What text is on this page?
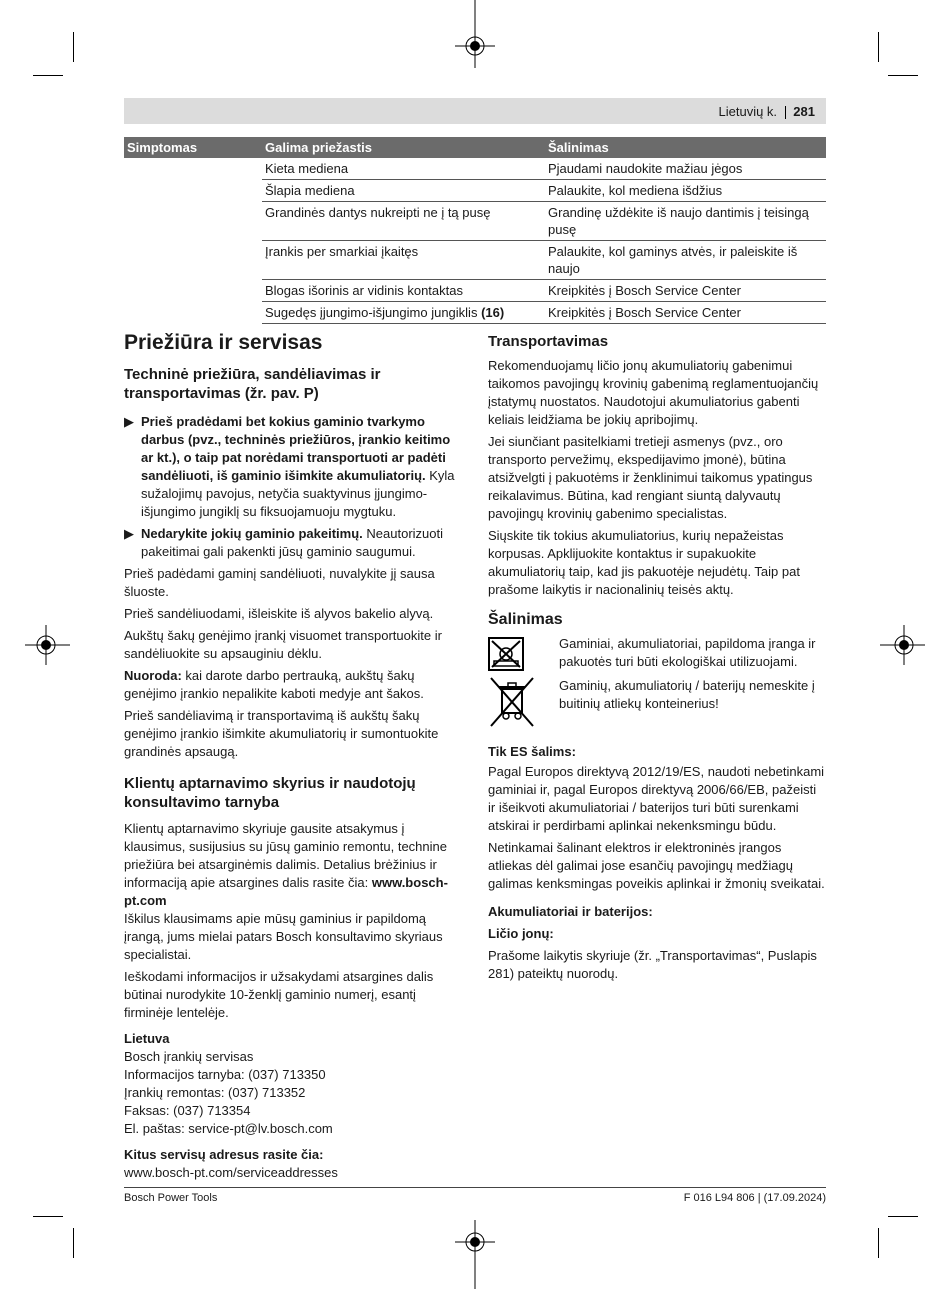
Lietuvių k. 281
Simptomas	Galima priežastis	Šalinimas
	Kieta mediena	Pjaudami naudokite mažiau jėgos
	Šlapia mediena	Palaukite, kol mediena išdžius
	Grandinės dantys nukreipti ne į tą pusę	Grandinę uždėkite iš naujo dantimis į teisingą pusę
	Įrankis per smarkiai įkaitęs	Palaukite, kol gaminys atvės, ir paleiskite iš naujo
	Blogas išorinis ar vidinis kontaktas	Kreipkitės į Bosch Service Center
	Sugedęs įjungimo-išjungimo jungiklis (16)	Kreipkitės į Bosch Service Center
Priežiūra ir servisas
Techninė priežiūra, sandėliavimas ir transportavimas (žr. pav. P)
▶ Prieš pradėdami bet kokius gaminio tvarkymo darbus (pvz., techninės priežiūros, įrankio keitimo ar kt.), o taip pat norėdami transportuoti ar padėti sandėliuoti, iš gaminio išimkite akumuliatorių. Kyla sužalojimų pavojus, netyčia suaktyvinus įjungimo-išjungimo jungiklį su fiksuojamuoju mygtuku.
▶ Nedarykite jokių gaminio pakeitimų. Neautorizuoti pakeitimai gali pakenkti jūsų gaminio saugumui.

Prieš padėdami gaminį sandėliuoti, nuvalykite jį sausa šluoste.

Prieš sandėliuodami, išleiskite iš alyvos bakelio alyvą.

Aukštų šakų genėjimo įrankį visuomet transportuokite ir sandėliuokite su apsauginiu dėklu.

Nuoroda: kai darote darbo pertrauką, aukštų šakų genėjimo įrankio nepalikite kaboti medyje ant šakos.

Prieš sandėliavimą ir transportavimą iš aukštų šakų genėjimo įrankio išimkite akumuliatorių ir sumontuokite grandinės apsaugą.

Klientų aptarnavimo skyrius ir naudotojų konsultavimo tarnyba

Klientų aptarnavimo skyriuje gausite atsakymus į klausimus, susijusius su jūsų gaminio remontu, technine priežiūra bei atsarginėmis dalimis. Detalius brėžinius ir informaciją apie atsargines dalis rasite čia: www.bosch-pt.com

Iškilus klausimams apie mūsų gaminius ir papildomą įrangą, jums mielai patars Bosch konsultavimo skyriaus specialistai.

Ieškodami informacijos ir užsakydami atsargines dalis būtinai nurodykite 10-ženklį gaminio numerį, esantį firminėje lentelėje.

Lietuva
Bosch įrankių servisas
Informacijos tarnyba: (037) 713350
Įrankių remontas: (037) 713352
Faksas: (037) 713354
El. paštas: service-pt@lv.bosch.com
Kitus servisų adresus rasite čia:
www.bosch-pt.com/serviceaddresses
Transportavimas

Rekomenduojamų ličio jonų akumuliatorių gabenimui taikomos pavojingų krovinių gabenimą reglamentuojančių įstatymų nuostatos. Naudotojui akumuliatorius gabenti keliais leidžiama be jokių apribojimų.

Jei siunčiant pasitelkiami tretieji asmenys (pvz., oro transporto pervežimų, ekspedijavimo įmonė), būtina atsižvelgti į pakuotėms ir ženklinimui taikomus ypatingus reikalavimus. Būtina, kad rengiant siuntą dalyvautų pavojingų krovinių gabenimo specialistas.

Siųskite tik tokius akumuliatorius, kurių nepažeistas korpusas. Apklijuokite kontaktus ir supakuokite akumuliatorių taip, kad jis pakuotėje nejudėtų. Taip pat prašome laikytis ir nacionalinių teisės aktų.

Šalinimas
Gaminiai, akumuliatoriai, papildoma įranga ir pakuotės turi būti ekologiškai utilizuojami.
Gaminių, akumuliatorių / baterijų nemeskite į buitinių atliekų konteinerius!
Tik ES šalims:

Pagal Europos direktyvą 2012/19/ES, naudoti nebetinkami gaminiai ir, pagal Europos direktyvą 2006/66/EB, pažeisti ir išeikvoti akumuliatoriai / baterijos turi būti surenkami atskirai ir perdirbami aplinkai nekenksmingu būdu.

Netinkamai šalinant elektros ir elektroninės įrangos atliekas dėl galimai jose esančių pavojingų medžiagų galimas kenksmingas poveikis aplinkai ir žmonių sveikatai.

Akumuliatoriai ir baterijos:
Ličio jonų:

Prašome laikytis skyriuje (žr. „Transportavimas“, Puslapis 281) pateiktų nuorodų.

Bosch Power Tools	F 016 L94 806 | (17.09.2024)
